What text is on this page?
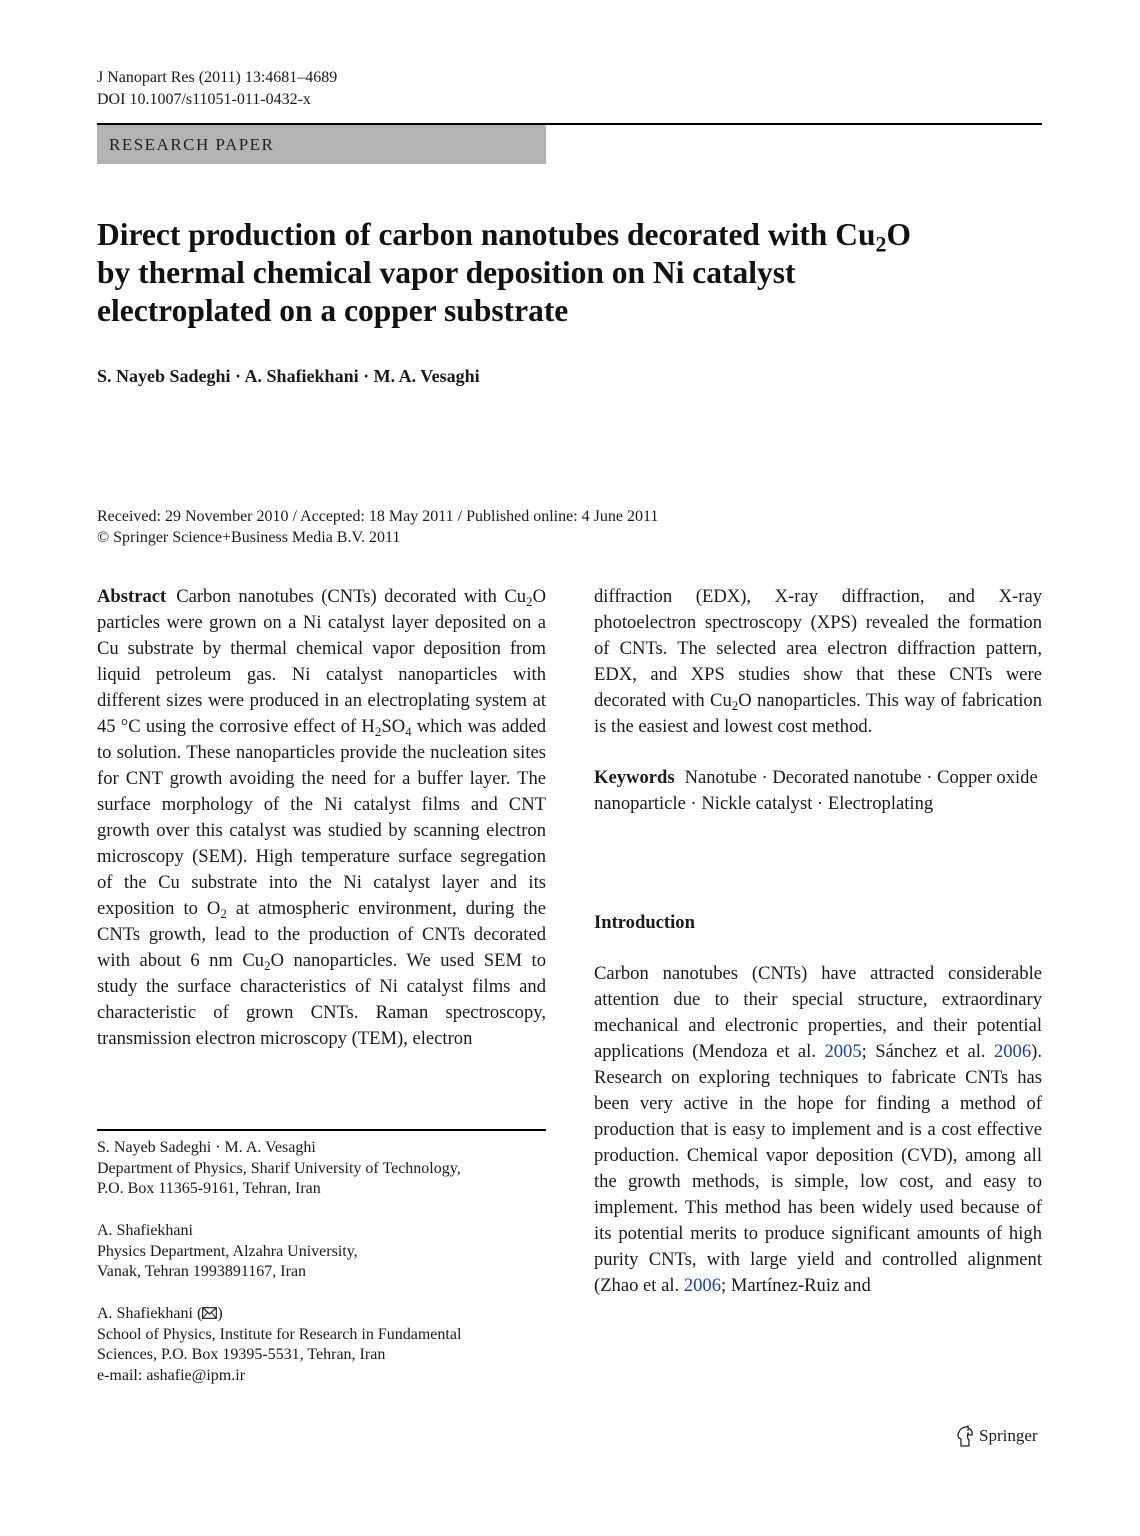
J Nanopart Res (2011) 13:4681–4689
DOI 10.1007/s11051-011-0432-x
RESEARCH PAPER
Direct production of carbon nanotubes decorated with $Cu_2O$
by thermal chemical vapor deposition on Ni catalyst
electroplated on a copper substrate
S. Nayeb Sadeghi · A. Shafiekhani · M. A. Vesaghi
Received: 29 November 2010 / Accepted: 18 May 2011 / Published online: 4 June 2011
© Springer Science+Business Media B.V. 2011

Abstract Carbon nanotubes (CNTs) decorated with $Cu_2O$ particles were grown on a Ni catalyst layer deposited on a Cu substrate by thermal chemical vapor deposition from liquid petroleum gas. Ni catalyst nanoparticles with different sizes were produced in an electroplating system at 45 °C using the corrosive effect of $H_2SO_4$ which was added to solution. These nanoparticles provide the nucleation sites for CNT growth avoiding the need for a buffer layer. The surface morphology of the Ni catalyst films and CNT growth over this catalyst was studied by scanning electron microscopy (SEM). High temperature surface segregation of the Cu substrate into the Ni catalyst layer and its exposition to $O_2$ at atmospheric environment, during the CNTs growth, lead to the production of CNTs decorated with about 6 nm $Cu_2O$ nanoparticles. We used SEM to study the surface characteristics of Ni catalyst films and characteristic of grown CNTs. Raman spectroscopy, transmission electron microscopy (TEM), electron

diffraction (EDX), X-ray diffraction, and X-ray photoelectron spectroscopy (XPS) revealed the formation of CNTs. The selected area electron diffraction pattern, EDX, and XPS studies show that these CNTs were decorated with $Cu_2O$ nanoparticles. This way of fabrication is the easiest and lowest cost method.

Keywords Nanotube · Decorated nanotube · Copper oxide nanoparticle · Nickle catalyst · Electroplating

Introduction

Carbon nanotubes (CNTs) have attracted considerable attention due to their special structure, extraordinary mechanical and electronic properties, and their potential applications (Mendoza et al. 2005; Sánchez et al. 2006). Research on exploring techniques to fabricate CNTs has been very active in the hope for finding a method of production that is easy to implement and is a cost effective production. Chemical vapor deposition (CVD), among all the growth methods, is simple, low cost, and easy to implement. This method has been widely used because of its potential merits to produce significant amounts of high purity CNTs, with large yield and controlled alignment (Zhao et al. 2006; Martínez-Ruiz and

S. Nayeb Sadeghi · M. A. Vesaghi
Department of Physics, Sharif University of Technology,
P.O. Box 11365-9161, Tehran, Iran
A. Shafiekhani
Physics Department, Alzahra University,
Vanak, Tehran 1993891167, Iran
A. Shafiekhani ( )
School of Physics, Institute for Research in Fundamental
Sciences, P.O. Box 19395-5531, Tehran, Iran
e-mail: ashafie@ipm.ir
Springer
